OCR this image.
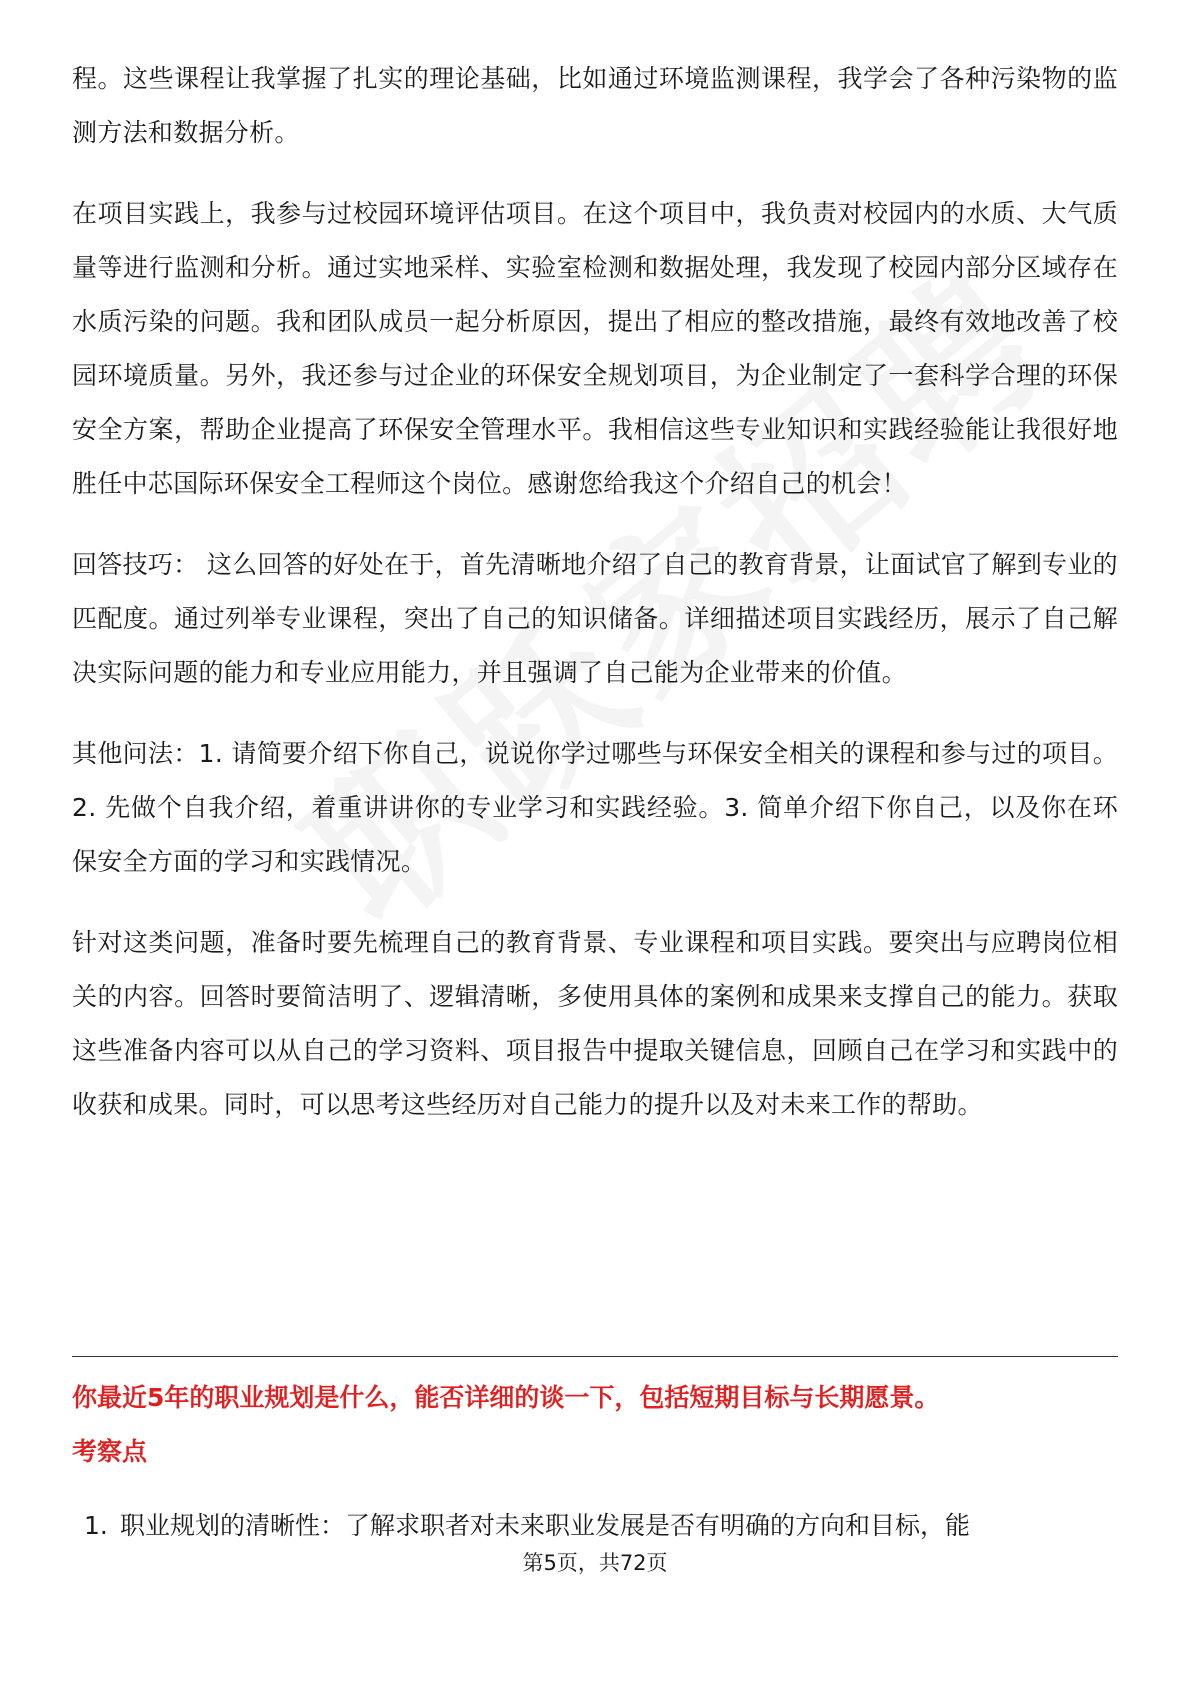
程。这些课程让我掌握了扎实的理论基础，比如通过环境监测课程，我学会了各种污染物的监测方法和数据分析。

在项目实践上，我参与过校园环境评估项目。在这个项目中，我负责对校园内的水质、大气质量等进行监测和分析。通过实地采样、实验室检测和数据处理，我发现了校园内部分区域存在水质污染的问题。我和团队成员一起分析原因，提出了相应的整改措施，最终有效地改善了校园环境质量。另外，我还参与过企业的环保安全规划项目，为企业制定了一套科学合理的环保安全方案，帮助企业提高了环保安全管理水平。我相信这些专业知识和实践经验能让我很好地胜任中芯国际环保安全工程师这个岗位。感谢您给我这个介绍自己的机会！

回答技巧： 这么回答的好处在于，首先清晰地介绍了自己的教育背景，让面试官了解到专业的匹配度。通过列举专业课程，突出了自己的知识储备。详细描述项目实践经历，展示了自己解决实际问题的能力和专业应用能力，并且强调了自己能为企业带来的价值。

其他问法：1. 请简要介绍下你自己，说说你学过哪些与环保安全相关的课程和参与过的项目。2. 先做个自我介绍，着重讲讲你的专业学习和实践经验。3. 简单介绍下你自己，以及你在环保安全方面的学习和实践情况。

针对这类问题，准备时要先梳理自己的教育背景、专业课程和项目实践。要突出与应聘岗位相关的内容。回答时要简洁明了、逻辑清晰，多使用具体的案例和成果来支撑自己的能力。获取这些准备内容可以从自己的学习资料、项目报告中提取关键信息，回顾自己在学习和实践中的收获和成果。同时，可以思考这些经历对自己能力的提升以及对未来工作的帮助。

你最近5年的职业规划是什么，能否详细的谈一下，包括短期目标与长期愿景。

考察点

1. 职业规划的清晰性：了解求职者对未来职业发展是否有明确的方向和目标，能
第5页，共72页
